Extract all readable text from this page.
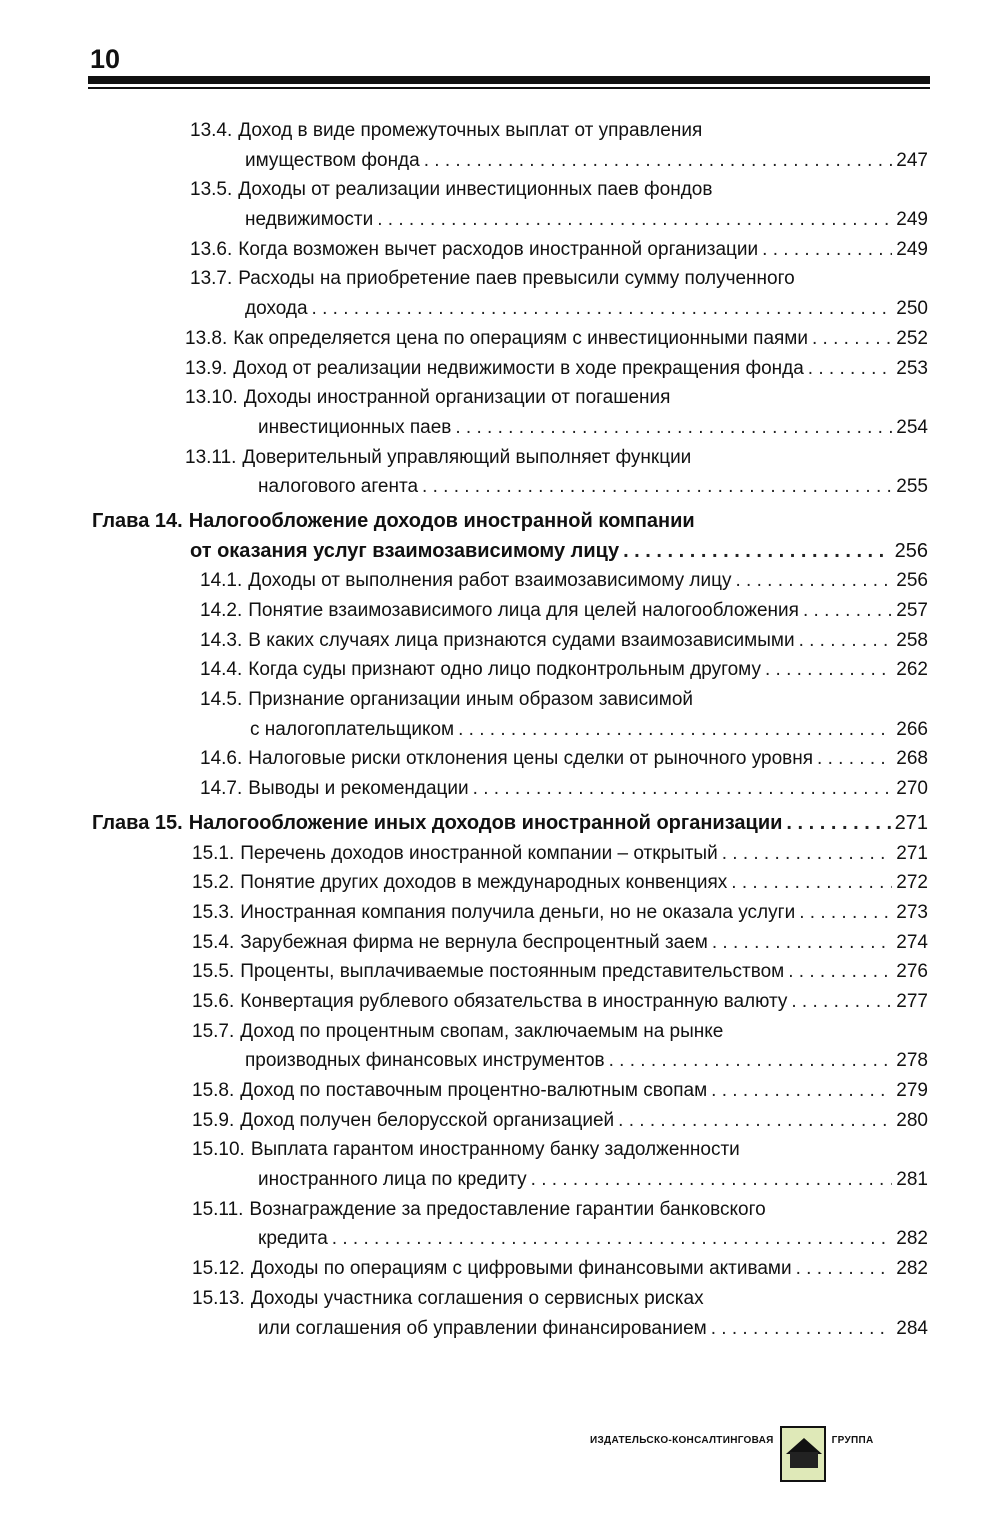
10
13.4. Доход в виде промежуточных выплат от управления
имуществом фонда . . .	247
13.5. Доходы от реализации инвестиционных паев фондов
недвижимости . . .	249
13.6. Когда возможен вычет расходов иностранной организации . . .	249
13.7. Расходы на приобретение паев превысили сумму полученного
дохода . . .	250
13.8. Как определяется цена по операциям с инвестиционными паями . . .	252
13.9. Доход от реализации недвижимости в ходе прекращения фонда . . .	253
13.10. Доходы иностранной организации от погашения
инвестиционных паев . . .	254
13.11. Доверительный управляющий выполняет функции
налогового агента . . .	255
Глава 14. Налогообложение доходов иностранной компании
от оказания услуг взаимозависимому лицу . . .	256
14.1. Доходы от выполнения работ взаимозависимому лицу . . .	256
14.2. Понятие взаимозависимого лица для целей налогообложения . . .	257
14.3. В каких случаях лица признаются судами взаимозависимыми . . .	258
14.4. Когда суды признают одно лицо подконтрольным другому . . .	262
14.5. Признание организации иным образом зависимой
с налогоплательщиком . . .	266
14.6. Налоговые риски отклонения цены сделки от рыночного уровня . . .	268
14.7. Выводы и рекомендации . . .	270
Глава 15. Налогообложение иных доходов иностранной организации . . .	271
15.1. Перечень доходов иностранной компании – открытый . . .	271
15.2. Понятие других доходов в международных конвенциях . . .	272
15.3. Иностранная компания получила деньги, но не оказала услуги . . .	273
15.4. Зарубежная фирма не вернула беспроцентный заем . . .	274
15.5. Проценты, выплачиваемые постоянным представительством . . .	276
15.6. Конвертация рублевого обязательства в иностранную валюту . . .	277
15.7. Доход по процентным свопам, заключаемым на рынке
производных финансовых инструментов . . .	278
15.8. Доход по поставочным процентно-валютным свопам . . .	279
15.9. Доход получен белорусской организацией . . .	280
15.10. Выплата гарантом иностранному банку задолженности
иностранного лица по кредиту . . .	281
15.11. Вознаграждение за предоставление гарантии банковского
кредита . . .	282
15.12. Доходы по операциям с цифровыми финансовыми активами . . .	282
15.13. Доходы участника соглашения о сервисных рисках
или соглашения об управлении финансированием . . .	284
ИЗДАТЕЛЬСКО-КОНСАЛТИНГОВАЯ	ГРУППА
